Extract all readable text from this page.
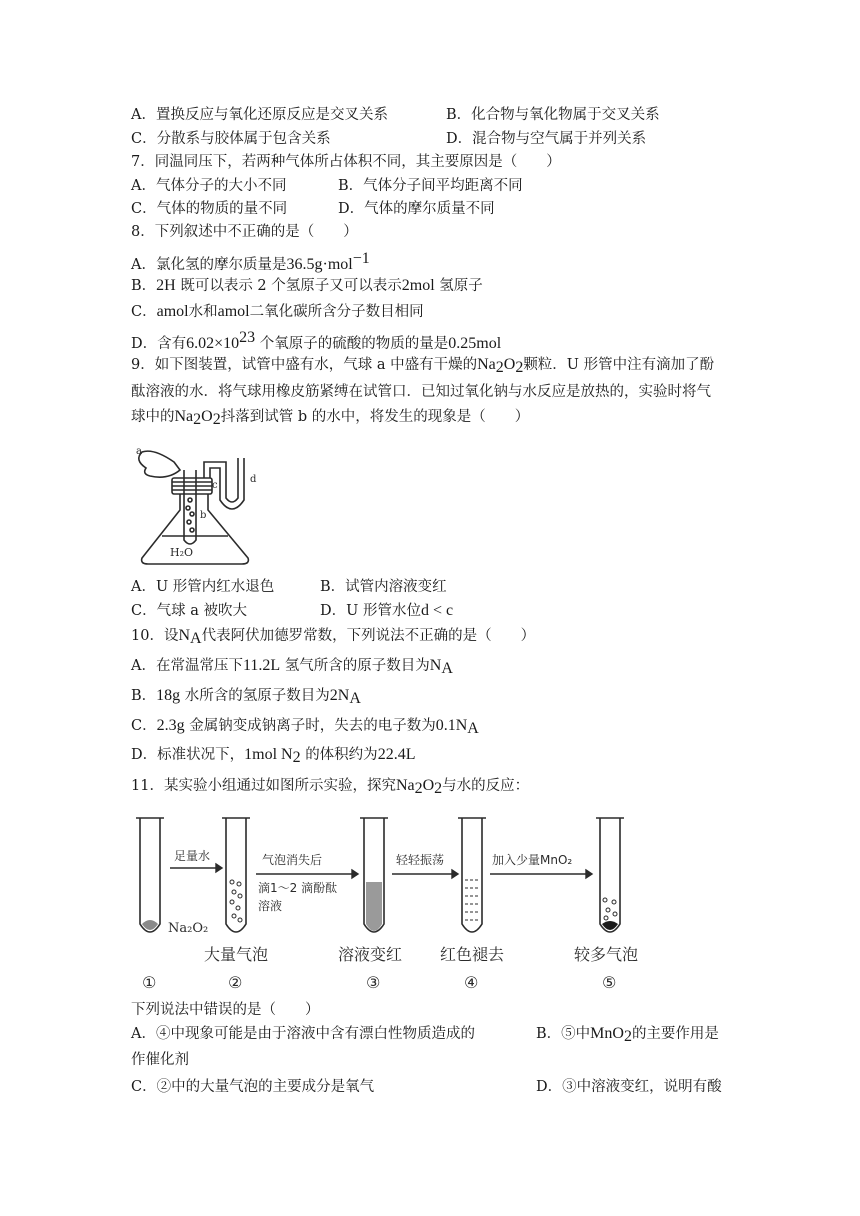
A．置换反应与氧化还原反应是交叉关系	B．化合物与氧化物属于交叉关系
C．分散系与胶体属于包含关系	D．混合物与空气属于并列关系
7．同温同压下，若两种气体所占体积不同，其主要原因是（　　）
A．气体分子的大小不同	B．气体分子间平均距离不同
C．气体的物质的量不同	D．气体的摩尔质量不同
8．下列叙述中不正确的是（　　）
A．氯化氢的摩尔质量是36.5g·mol$^{-1}$
B．2H 既可以表示 2 个氢原子又可以表示2mol 氢原子
C．amol水和amol二氧化碳所含分子数目相同
D．含有$6.02\times 10^{23}$ 个氧原子的硫酸的物质的量是0.25mol
9．如下图装置，试管中盛有水，气球 a 中盛有干燥的$Na_2O_2$颗粒．U 形管中注有滴加了酚
酞溶液的水．将气球用橡皮筋紧缚在试管口．已知过氧化钠与水反应是放热的，实验时将气
球中的$Na_2O_2$抖落到试管 b 的水中，将发生的现象是（　　）
a
c
d
b
H₂O
A．U 形管内红水退色	B．试管内溶液变红
C．气球 a 被吹大	D．U 形管水位d < c
10．设$N_A$代表阿伏加德罗常数，下列说法不正确的是（　　）
A．在常温常压下11.2L 氢气所含的原子数目为$N_A$
B．18g 水所含的氢原子数目为$2N_A$
C．2.3g 金属钠变成钠离子时，失去的电子数为$0.1N_A$
D．标准状况下，1mol $N_2$ 的体积约为22.4L
11．某实验小组通过如图所示实验，探究$Na_2O_2$与水的反应：
足量水	气泡消失后
滴1～2 滴酚酞
溶液
轻轻振荡	加入少量MnO₂
Na₂O₂
大量气泡	溶液变红 红色褪去	较多气泡
①	②	③	④	⑤
下列说法中错误的是（　　）
A．④中现象可能是由于溶液中含有漂白性物质造成的	B．⑤中MnO$_2$的主要作用是
作催化剂
C．②中的大量气泡的主要成分是氧气	D．③中溶液变红，说明有酸
